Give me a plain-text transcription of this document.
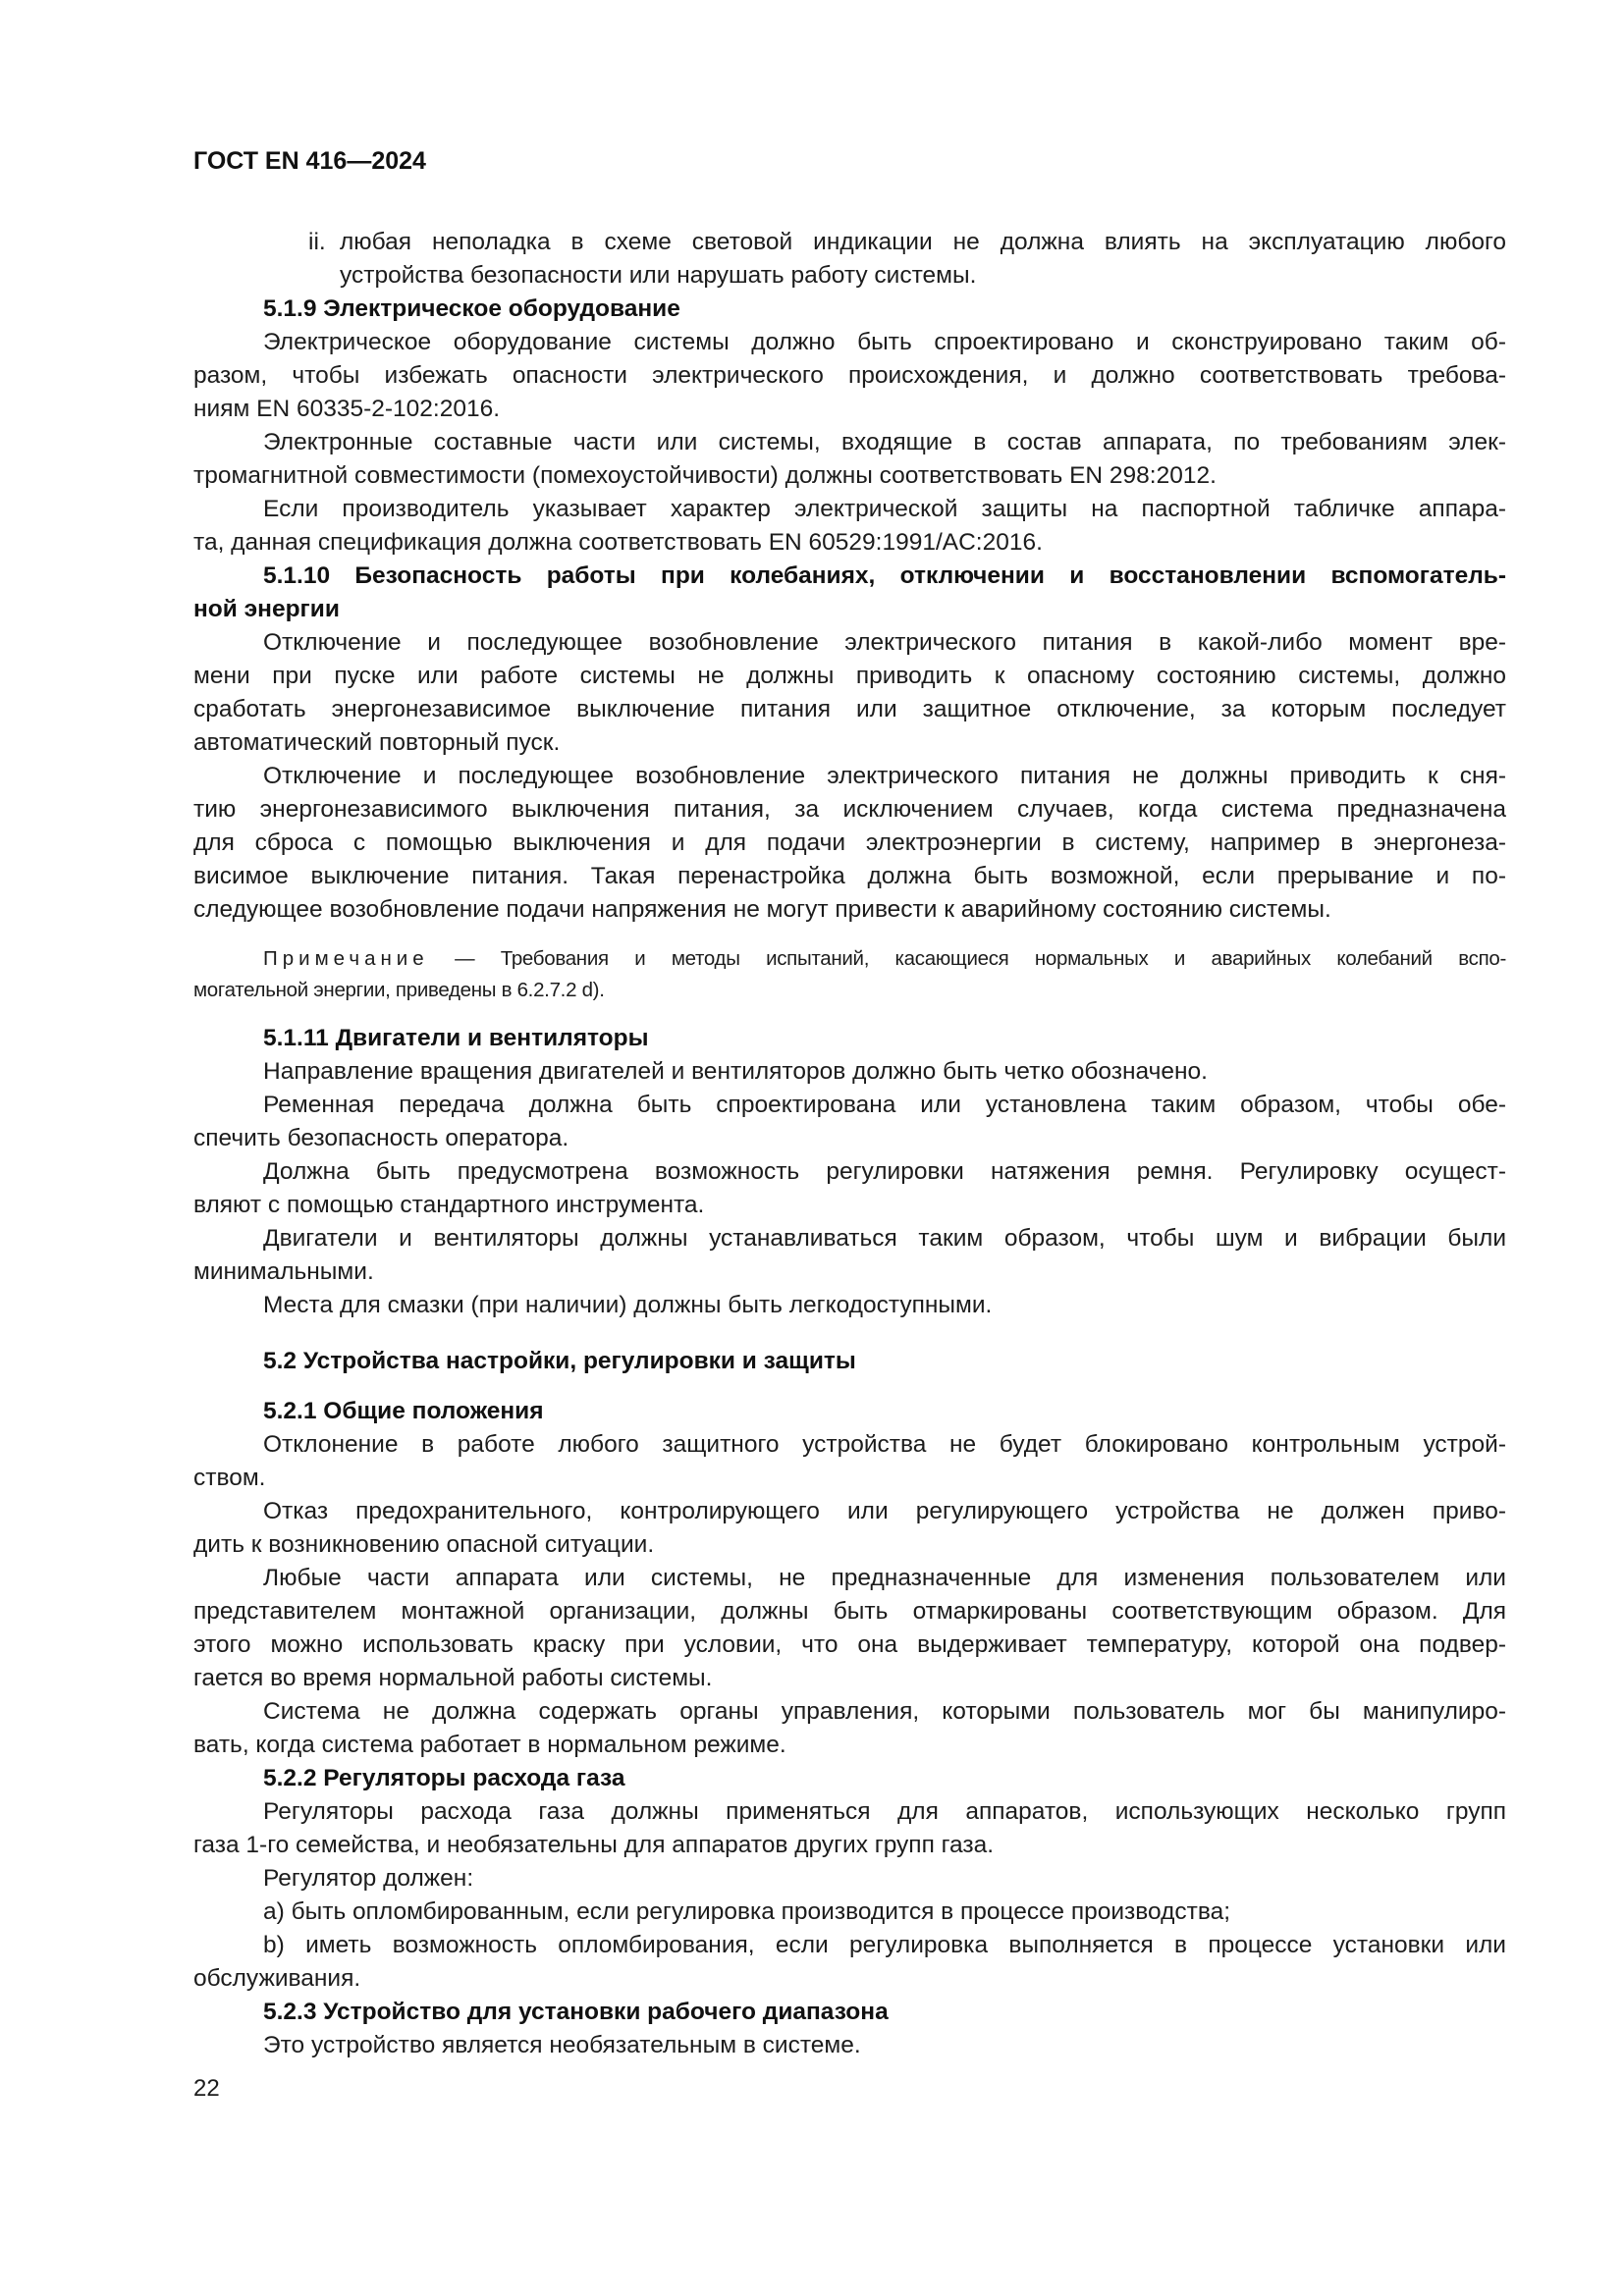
ГОСТ EN 416—2024
ii. любая неполадка в схеме световой индикации не должна влиять на эксплуатацию любого
устройства безопасности или нарушать работу системы.
5.1.9 Электрическое оборудование
Электрическое оборудование системы должно быть спроектировано и сконструировано таким об-
разом, чтобы избежать опасности электрического происхождения, и должно соответствовать требова-
ниям EN 60335-2-102:2016.
Электронные составные части или системы, входящие в состав аппарата, по требованиям элек-
тромагнитной совместимости (помехоустойчивости) должны соответствовать EN 298:2012.
Если производитель указывает характер электрической защиты на паспортной табличке аппара-
та, данная спецификация должна соответствовать EN 60529:1991/AC:2016.
5.1.10 Безопасность работы при колебаниях, отключении и восстановлении вспомогатель-
ной энергии
Отключение и последующее возобновление электрического питания в какой-либо момент вре-
мени при пуске или работе системы не должны приводить к опасному состоянию системы, должно
сработать энергонезависимое выключение питания или защитное отключение, за которым последует
автоматический повторный пуск.
Отключение и последующее возобновление электрического питания не должны приводить к сня-
тию энергонезависимого выключения питания, за исключением случаев, когда система предназначена
для сброса с помощью выключения и для подачи электроэнергии в систему, например в энергонеза-
висимое выключение питания. Такая перенастройка должна быть возможной, если прерывание и по-
следующее возобновление подачи напряжения не могут привести к аварийному состоянию системы.
Примечание — Требования и методы испытаний, касающиеся нормальных и аварийных колебаний вспо-
могательной энергии, приведены в 6.2.7.2 d).
5.1.11 Двигатели и вентиляторы
Направление вращения двигателей и вентиляторов должно быть четко обозначено.
Ременная передача должна быть спроектирована или установлена таким образом, чтобы обе-
спечить безопасность оператора.
Должна быть предусмотрена возможность регулировки натяжения ремня. Регулировку осущест-
вляют с помощью стандартного инструмента.
Двигатели и вентиляторы должны устанавливаться таким образом, чтобы шум и вибрации были
минимальными.
Места для смазки (при наличии) должны быть легкодоступными.
5.2 Устройства настройки, регулировки и защиты
5.2.1 Общие положения
Отклонение в работе любого защитного устройства не будет блокировано контрольным устрой-
ством.
Отказ предохранительного, контролирующего или регулирующего устройства не должен приво-
дить к возникновению опасной ситуации.
Любые части аппарата или системы, не предназначенные для изменения пользователем или
представителем монтажной организации, должны быть отмаркированы соответствующим образом. Для
этого можно использовать краску при условии, что она выдерживает температуру, которой она подвер-
гается во время нормальной работы системы.
Система не должна содержать органы управления, которыми пользователь мог бы манипулиро-
вать, когда система работает в нормальном режиме.
5.2.2 Регуляторы расхода газа
Регуляторы расхода газа должны применяться для аппаратов, использующих несколько групп
газа 1-го семейства, и необязательны для аппаратов других групп газа.
Регулятор должен:
a) быть опломбированным, если регулировка производится в процессе производства;
b) иметь возможность опломбирования, если регулировка выполняется в процессе установки или
обслуживания.
5.2.3 Устройство для установки рабочего диапазона
Это устройство является необязательным в системе.
22
